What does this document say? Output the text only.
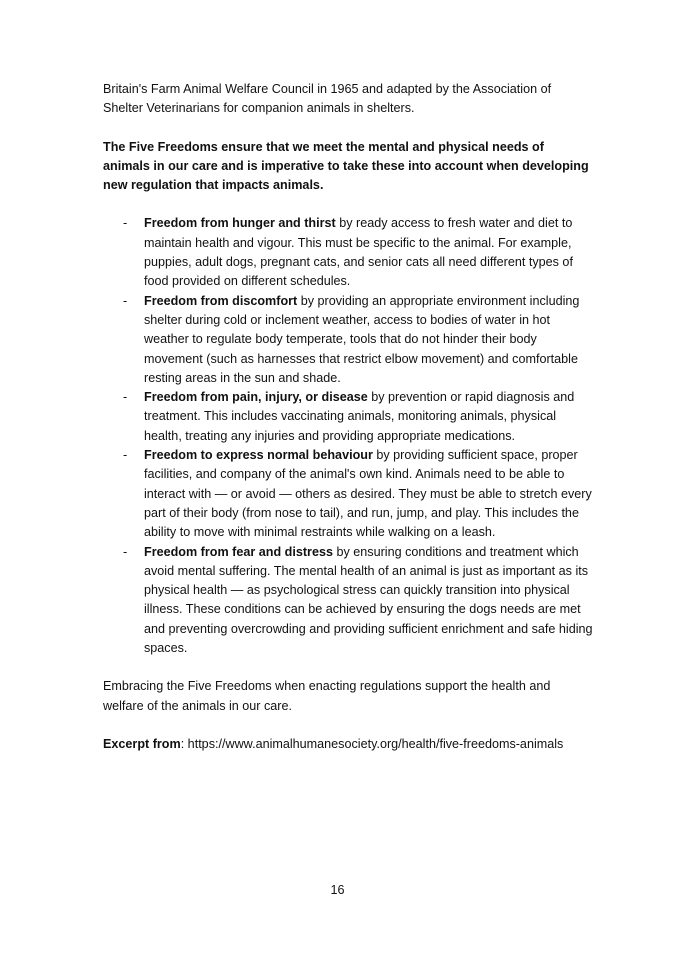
Britain's Farm Animal Welfare Council in 1965 and adapted by the Association of Shelter Veterinarians for companion animals in shelters.

The Five Freedoms ensure that we meet the mental and physical needs of animals in our care and is imperative to take these into account when developing new regulation that impacts animals.

- Freedom from hunger and thirst by ready access to fresh water and diet to maintain health and vigour. This must be specific to the animal. For example, puppies, adult dogs, pregnant cats, and senior cats all need different types of food provided on different schedules.
- Freedom from discomfort by providing an appropriate environment including shelter during cold or inclement weather, access to bodies of water in hot weather to regulate body temperate, tools that do not hinder their body movement (such as harnesses that restrict elbow movement) and comfortable resting areas in the sun and shade.
- Freedom from pain, injury, or disease by prevention or rapid diagnosis and treatment. This includes vaccinating animals, monitoring animals, physical health, treating any injuries and providing appropriate medications.
- Freedom to express normal behaviour by providing sufficient space, proper facilities, and company of the animal's own kind. Animals need to be able to interact with — or avoid — others as desired. They must be able to stretch every part of their body (from nose to tail), and run, jump, and play. This includes the ability to move with minimal restraints while walking on a leash.
- Freedom from fear and distress by ensuring conditions and treatment which avoid mental suffering. The mental health of an animal is just as important as its physical health — as psychological stress can quickly transition into physical illness. These conditions can be achieved by ensuring the dogs needs are met and preventing overcrowding and providing sufficient enrichment and safe hiding spaces.

Embracing the Five Freedoms when enacting regulations support the health and welfare of the animals in our care.

Excerpt from: https://www.animalhumanesociety.org/health/five-freedoms-animals

16
